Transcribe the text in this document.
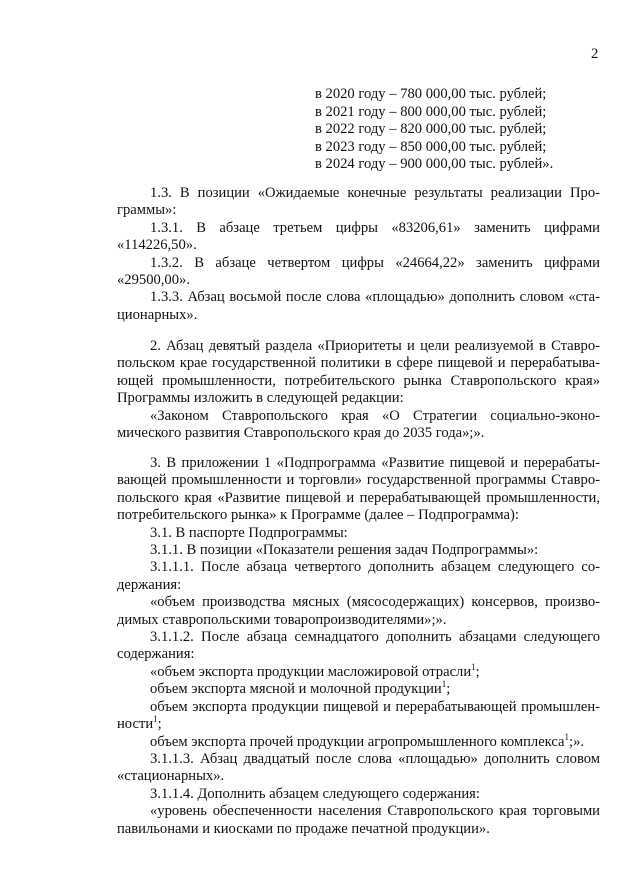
2
в 2020 году – 780 000,00 тыс. рублей;
в 2021 году – 800 000,00 тыс. рублей;
в 2022 году – 820 000,00 тыс. рублей;
в 2023 году – 850 000,00 тыс. рублей;
в 2024 году – 900 000,00 тыс. рублей».
1.3. В позиции «Ожидаемые конечные результаты реализации Про-
граммы»:
1.3.1. В абзаце третьем цифры «83206,61» заменить цифрами
«114226,50».
1.3.2. В абзаце четвертом цифры «24664,22» заменить цифрами
«29500,00».
1.3.3. Абзац восьмой после слова «площадью» дополнить словом «ста-
ционарных».
2. Абзац девятый раздела «Приоритеты и цели реализуемой в Ставро-
польском крае государственной политики в сфере пищевой и перерабатыва-
ющей промышленности, потребительского рынка Ставропольского края»
Программы изложить в следующей редакции:
«Законом Ставропольского края «О Стратегии социально-эконо-
мического развития Ставропольского края до 2035 года»;».
3. В приложении 1 «Подпрограмма «Развитие пищевой и перерабаты-
вающей промышленности и торговли» государственной программы Ставро-
польского края «Развитие пищевой и перерабатывающей промышленности,
потребительского рынка» к Программе (далее – Подпрограмма):
3.1. В паспорте Подпрограммы:
3.1.1. В позиции «Показатели решения задач Подпрограммы»:
3.1.1.1. После абзаца четвертого дополнить абзацем следующего со-
держания:
«объем производства мясных (мясосодержащих) консервов, произво-
димых ставропольскими товаропроизводителями»;».
3.1.1.2. После абзаца семнадцатого дополнить абзацами следующего
содержания:
«объем экспорта продукции масложировой отрасли$^1$;
объем экспорта мясной и молочной продукции$^1$;
объем экспорта продукции пищевой и перерабатывающей промышлен-
ности$^1$;
объем экспорта прочей продукции агропромышленного комплекса$^1$;».
3.1.1.3. Абзац двадцатый после слова «площадью» дополнить словом
«стационарных».
3.1.1.4. Дополнить абзацем следующего содержания:
«уровень обеспеченности населения Ставропольского края торговыми
павильонами и киосками по продаже печатной продукции».
